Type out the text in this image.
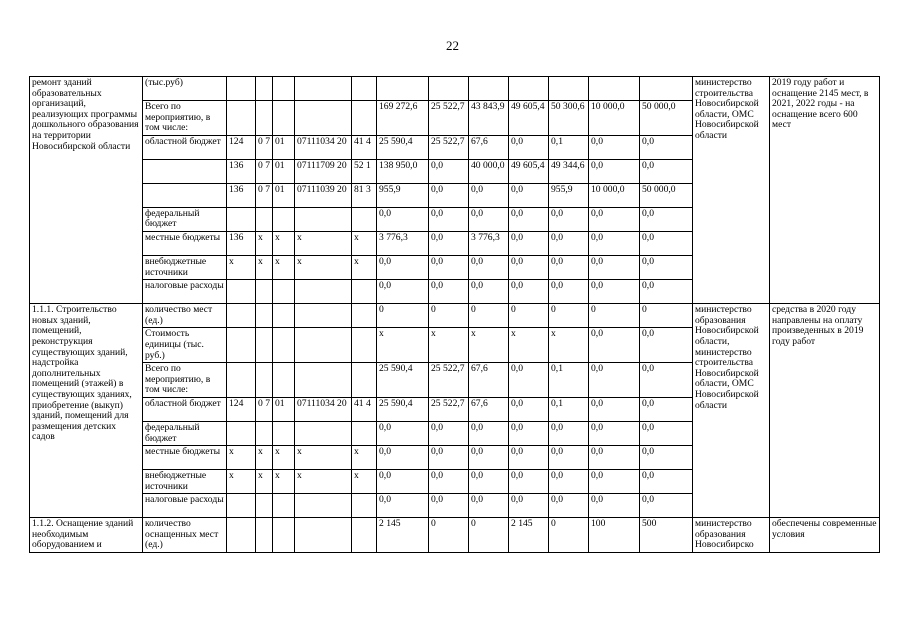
22
ремонт зданий образовательных организаций, реализующих программы дошкольного образования на территории Новосибирской области	(тыс.руб)													министерство строительства Новосибирской области, ОМС Новосибирской области	2019 году работ и оснащение 2145 мест, в 2021, 2022 годы - на оснащение всего 600 мест
	Всего по мероприятию, в том числе:						169 272,6	25 522,7	43 843,9	49 605,4	50 300,6	10 000,0	50 000,0		
	областной бюджет	124	0 7	01	07111034 20	41 4	25 590,4	25 522,7	67,6	0,0	0,1	0,0	0,0		
		136	0 7	01	07111709 20	52 1	138 950,0	0,0	40 000,0	49 605,4	49 344,6	0,0	0,0		
		136	0 7	01	07111039 20	81 3	955,9	0,0	0,0	0,0	955,9	10 000,0	50 000,0		
	федеральный бюджет						0,0	0,0	0,0	0,0	0,0	0,0	0,0		
	местные бюджеты	136	х	х	х	х	3 776,3	0,0	3 776,3	0,0	0,0	0,0	0,0		
	внебюджетные источники	х	х	х	х	х	0,0	0,0	0,0	0,0	0,0	0,0	0,0		
	налоговые расходы						0,0	0,0	0,0	0,0	0,0	0,0	0,0		
1.1.1. Строительство новых зданий, помещений, реконструкция существующих зданий, надстройка дополнительных помещений (этажей) в существующих зданиях, приобретение (выкуп) зданий, помещений для размещения детских садов	количество мест (ед.)						0	0	0	0	0	0	0	министерство образования Новосибирской области, министерство строительства Новосибирской области, ОМС Новосибирской области	средства в 2020 году направлены на оплату произведенных в 2019 году работ
	Стоимость единицы (тыс. руб.)						х	х	х	х	х	0,0	0,0		
	Всего по мероприятию, в том числе:						25 590,4	25 522,7	67,6	0,0	0,1	0,0	0,0		
	областной бюджет	124	0 7	01	07111034 20	41 4	25 590,4	25 522,7	67,6	0,0	0,1	0,0	0,0		
	федеральный бюджет						0,0	0,0	0,0	0,0	0,0	0,0	0,0		
	местные бюджеты	х	х	х	х	х	0,0	0,0	0,0	0,0	0,0	0,0	0,0		
	внебюджетные источники	х	х	х	х	х	0,0	0,0	0,0	0,0	0,0	0,0	0,0		
	налоговые расходы						0,0	0,0	0,0	0,0	0,0	0,0	0,0		
1.1.2. Оснащение зданий необходимым оборудованием и	количество оснащенных мест (ед.)						2 145	0	0	2 145	0	100	500	министерство образования Новосибирско	обеспечены современные условия
